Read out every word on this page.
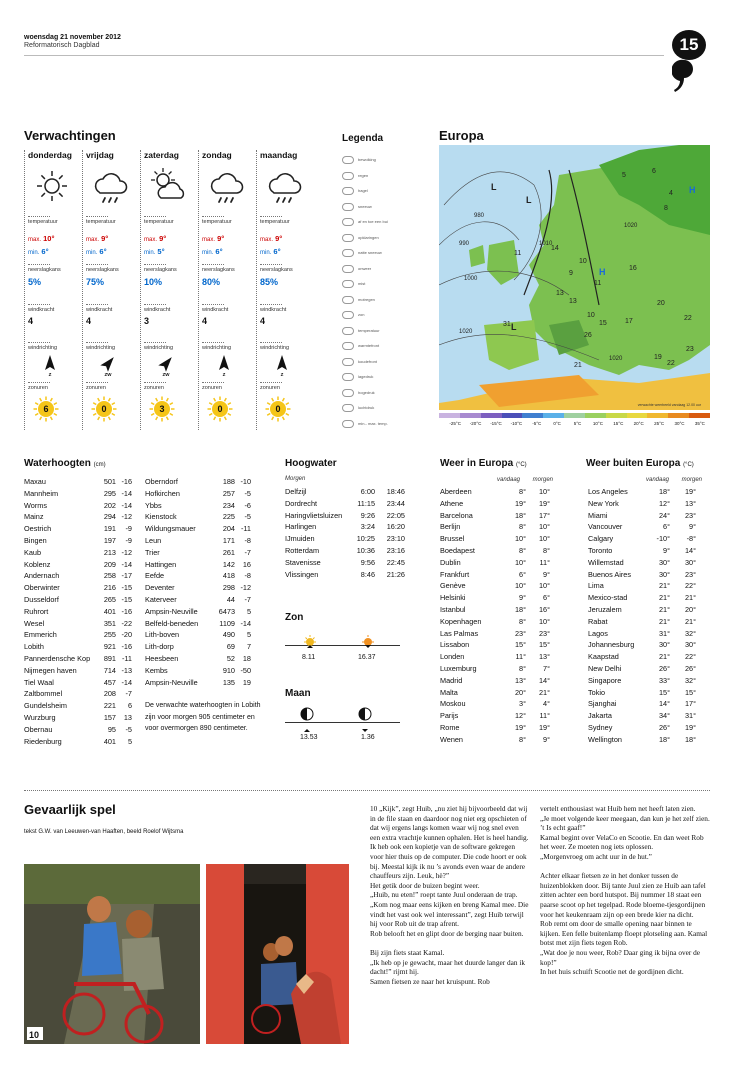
woensdag 21 november 2012
Reformatorisch Dagblad	15
Verwachtingen
donderdag
temperatuur
max. 10°
min. 6°
neerslagkans
5%
windkracht
4
windrichting
Z
zonuren
6
vrijdag
temperatuur
max. 9°
min. 6°
neerslagkans
75%
windkracht
4
windrichting
ZW
zonuren
0
zaterdag
temperatuur
max. 9°
min. 5°
neerslagkans
10%
windkracht
3
windrichting
ZW
zonuren
3
zondag
temperatuur
max. 9°
min. 6°
neerslagkans
80%
windkracht
4
windrichting
Z
zonuren
0
maandag
temperatuur
max. 9°
min. 6°
neerslagkans
85%
windkracht
4
windrichting
Z
zonuren
0
Legenda
bewolking
regen
hagel
sneeuw
af en toe een bui
opklaringen
natte sneeuw
onweer
mist
motregen
zon
temperatuur
warmtefront
koudefront
lagedruk
hogedruk
luchtdruk
min.- max. temp.
Europa
L
L
L
H
H
980
990
1000
1010
1020
1020
1020
5
6
4
8
11
14
10
9
13
11
16
10
13
17
15
20
31
22
26
21	22
23
19
verwachte weerbeeld vandaag 12.00 uur
-25°C	-20°C	-15°C	-10°C	-5°C	0°C	5°C	10°C	15°C	20°C	25°C	30°C	35°C
Waterhoogten (cm)
Maxau	501 -16
Mannheim	295 -14
Worms	202 -14
Mainz	294 -12
Oestrich	191	-9
Bingen	197	-9
Kaub	213 -12
Koblenz	209 -14
Andernach	258 -17
Oberwinter	216 -15
Dusseldorf	265 -15
Ruhrort	401 -16
Wesel	351 -22
Emmerich	255 -20
Lobith	921 -16
Pannerdensche Kop	891 -11
Nijmegen haven	714 -13
Tiel Waal	457 -14
Zaltbommel	208	-7
Gundelsheim	221	6
Wurzburg	157	13
Obernau	95	-5
Riedenburg	401	5
Oberndorf	188 -10
Hofkirchen	257	-5
Ybbs	234	-6
Kienstock	225	-5
Wildungsmauer	204 -11
Leun	171	-8
Trier	261	-7
Hattingen	142	16
Eefde	418	-8
Deventer	298 -12
Katerveer	44	-7
Ampsin-Neuville	6473	5
Belfeld-beneden	1109 -14
Lith-boven	490	5
Lith-dorp	69	7
Heesbeen	52	18
Kembs	910 -50
Ampsin-Neuville	135	19
De verwachte waterhoogten in Lobith zijn voor morgen 905 centimeter en voor overmorgen 890 centimeter.
Hoogwater
Morgen
Delfzijl	6:00	18:46
Dordrecht	11:15	23:44
Haringvlietsluizen	9:26	22:05
Harlingen	3:24	16:20
IJmuiden	10:25	23:10
Rotterdam	10:36	23:16
Stavenisse	9:56	22:45
Vlissingen	8:46	21:26
Zon
8.11	16.37
Maan
13.53	1.36
Weer in Europa (°C)
vandaag morgen
Aberdeen	8°	10°
Athene	19°	19°
Barcelona	18°	17°
Berlijn	8°	10°
Brussel	10°	10°
Boedapest	8°	8°
Dublin	10°	11°
Frankfurt	6°	9°
Genève	10°	10°
Helsinki	9°	6°
Istanbul	18°	16°
Kopenhagen	8°	10°
Las Palmas	23°	23°
Lissabon	15°	15°
Londen	11°	13°
Luxemburg	8°	7°
Madrid	13°	14°
Malta	20°	21°
Moskou	3°	4°
Parijs	12°	11°
Rome	19°	19°
Wenen	8°	9°
Weer buiten Europa (°C)
vandaag morgen
Los Angeles	18°	19°
New York	12°	13°
Miami	24°	23°
Vancouver	6°	9°
Calgary	-10°	-8°
Toronto	9°	14°
Willemstad	30°	30°
Buenos Aires	30°	23°
Lima	21°	22°
Mexico-stad	21°	21°
Jeruzalem	21°	20°
Rabat	21°	21°
Lagos	31°	32°
Johannesburg	30°	30°
Kaapstad	21°	22°
New Delhi	26°	26°
Singapore	33°	32°
Tokio	15°	15°
Sjanghai	14°	17°
Jakarta	34°	31°
Sydney	26°	19°
Wellington	18°	18°
Gevaarlijk spel
tekst G.W. van Leeuwen-van Haaften, beeld Roelof Wijtsma
10
10 „Kijk”, zegt Huib, „nu ziet hij bijvoorbeeld dat wij in de file staan en daardoor nog niet erg opschieten of dat wij ergens langs komen waar wij nog snel even een extra vrachtje kunnen ophalen. Het is heel handig. Ik heb ook een kopietje van de software gekregen voor hier thuis op de computer. Die code hoort er ook bij. Meestal kijk ik nu ’s avonds even waar de andere chauffeurs zijn. Leuk, hè?”
Het getik door de buizen begint weer.
„Huib, nu eten!” roept tante Juul onderaan de trap.
„Kom nog maar eens kijken en breng Kamal mee. Die vindt het vast ook wel interessant”, zegt Huib terwijl hij voor Rob uit de trap afrent.
Rob belooft het en glipt door de berging naar buiten.

Bij zijn fiets staat Kamal.
„Ik heb op je gewacht, maar het duurde langer dan ik dacht!” rijmt hij.
Samen fietsen ze naar het kruispunt. Rob
vertelt enthousiast wat Huib hem net heeft laten zien.
„Je moet volgende keer meegaan, dan kun je het zelf zien. ’t Is echt gaaf!”
Kamal begint over VelaCo en Scootie. En dan weet Rob het weer. Ze moeten nog iets oplossen.
„Morgenvroeg om acht uur in de hut.”

Achter elkaar fietsen ze in het donker tussen de huizenblokken door. Bij tante Juul zien ze Huib aan tafel zitten achter een bord hutspot. Bij nummer 18 staat een paarse scoot op het tegelpad. Rode bloeme-tjesgordijnen voor het keukenraam zijn op een brede kier na dicht.
Rob remt om door de smalle opening naar binnen te kijken. Een felle buitenlamp floept plotseling aan. Kamal botst met zijn fiets tegen Rob.
„Wat doe je nou weer, Rob? Daar ging ik bijna over de kop!”
In het huis schuift Scootie net de gordijnen dicht.
